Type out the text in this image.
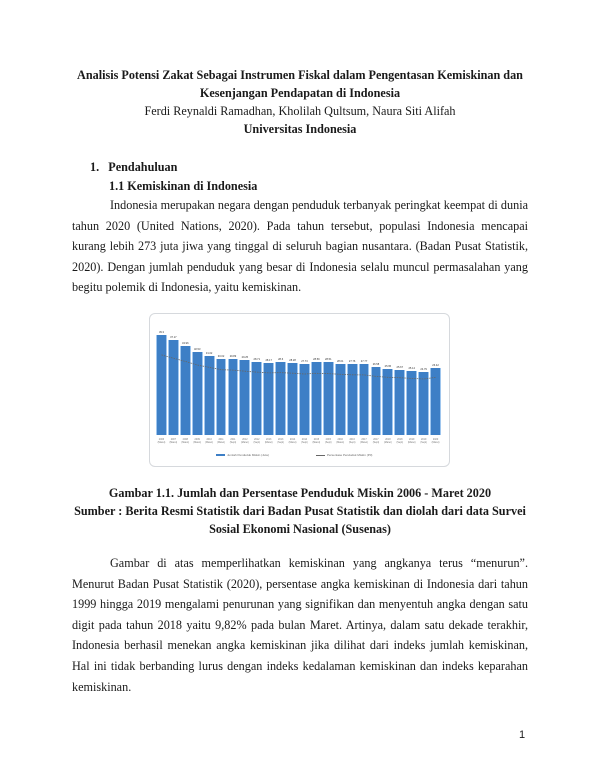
Analisis Potensi Zakat Sebagai Instrumen Fiskal dalam Pengentasan Kemiskinan dan
Kesenjangan Pendapatan di Indonesia
Ferdi Reynaldi Ramadhan, Kholilah Qultsum, Naura Siti Alifah
Universitas Indonesia
1.   Pendahuluan
1.1 Kemiskinan di Indonesia
Indonesia merupakan negara dengan penduduk terbanyak peringkat keempat di dunia tahun 2020 (United Nations, 2020). Pada tahun tersebut, populasi Indonesia mencapai kurang lebih 273 juta jiwa yang tinggal di seluruh bagian nusantara. (Badan Pusat Statistik, 2020). Dengan jumlah penduduk yang besar di Indonesia selalu muncul permasalahan yang begitu polemik di Indonesia, yaitu kemiskinan.
39.3
37.17
34.96
32.53
31.02
30.02	29.89
29.25	28.71	28.17	28.6	28.28	27.73
28.59	28.51	28.01	27.76	27.77
26.58
25.95	25.67	25.14	24.79
26.42
2006
(Maret)
2007
(Maret)
2008
(Maret)
2009
(Maret)
2010
(Maret)
2011
(Maret)
2011
(Sept)
2012
(Maret)
2012
(Sept)
2013
(Maret)
2013
(Sept)
2014
(Maret)
2014
(Sept)
2015
(Maret)
2015
(Sept)
2016
(Maret)
2016
(Sept)
2017
(Maret)
2017
(Sept)
2018
(Maret)
2018
(Sept)
2019
(Maret)
2019
(Sept)
2020
(Maret)
Jumlah Penduduk Miskin (Juta)	Persentase Penduduk Miskin (P0)
Gambar 1.1. Jumlah dan Persentase Penduduk Miskin 2006 - Maret 2020
Sumber : Berita Resmi Statistik dari Badan Pusat Statistik dan diolah dari data Survei
Sosial Ekonomi Nasional (Susenas)
Gambar di atas memperlihatkan kemiskinan yang angkanya terus “menurun”. Menurut Badan Pusat Statistik (2020), persentase angka kemiskinan di Indonesia dari tahun 1999 hingga 2019 mengalami penurunan yang signifikan dan menyentuh angka dengan satu digit pada tahun 2018 yaitu 9,82% pada bulan Maret. Artinya, dalam satu dekade terakhir, Indonesia berhasil menekan angka kemiskinan jika dilihat dari indeks jumlah kemiskinan, Hal ini tidak berbanding lurus dengan indeks kedalaman kemiskinan dan indeks keparahan kemiskinan.
1
